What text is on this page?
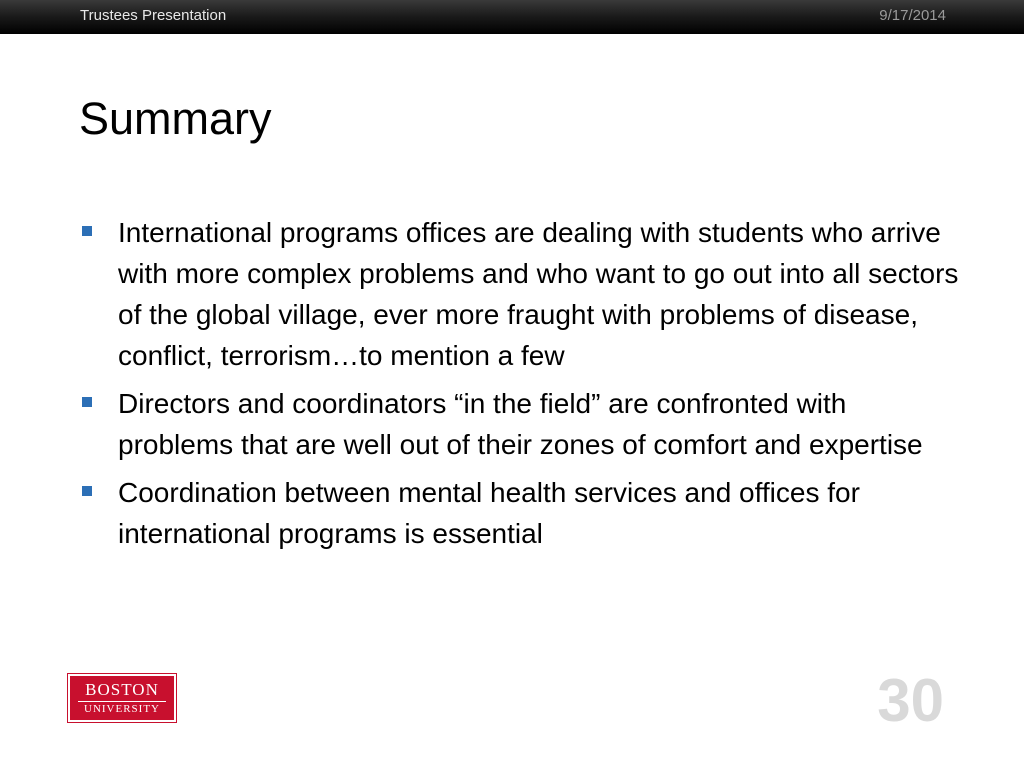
Trustees Presentation	9/17/2014
Summary
International programs offices are dealing with students who arrive with more complex problems and who want to go out into all sectors of the global village, ever more fraught with problems of disease, conflict, terrorism…to mention a few
Directors and coordinators “in the field” are confronted with problems that are well out of their zones of comfort and expertise
Coordination between mental health services and offices for international programs is essential
BOSTON
UNIVERSITY	30
